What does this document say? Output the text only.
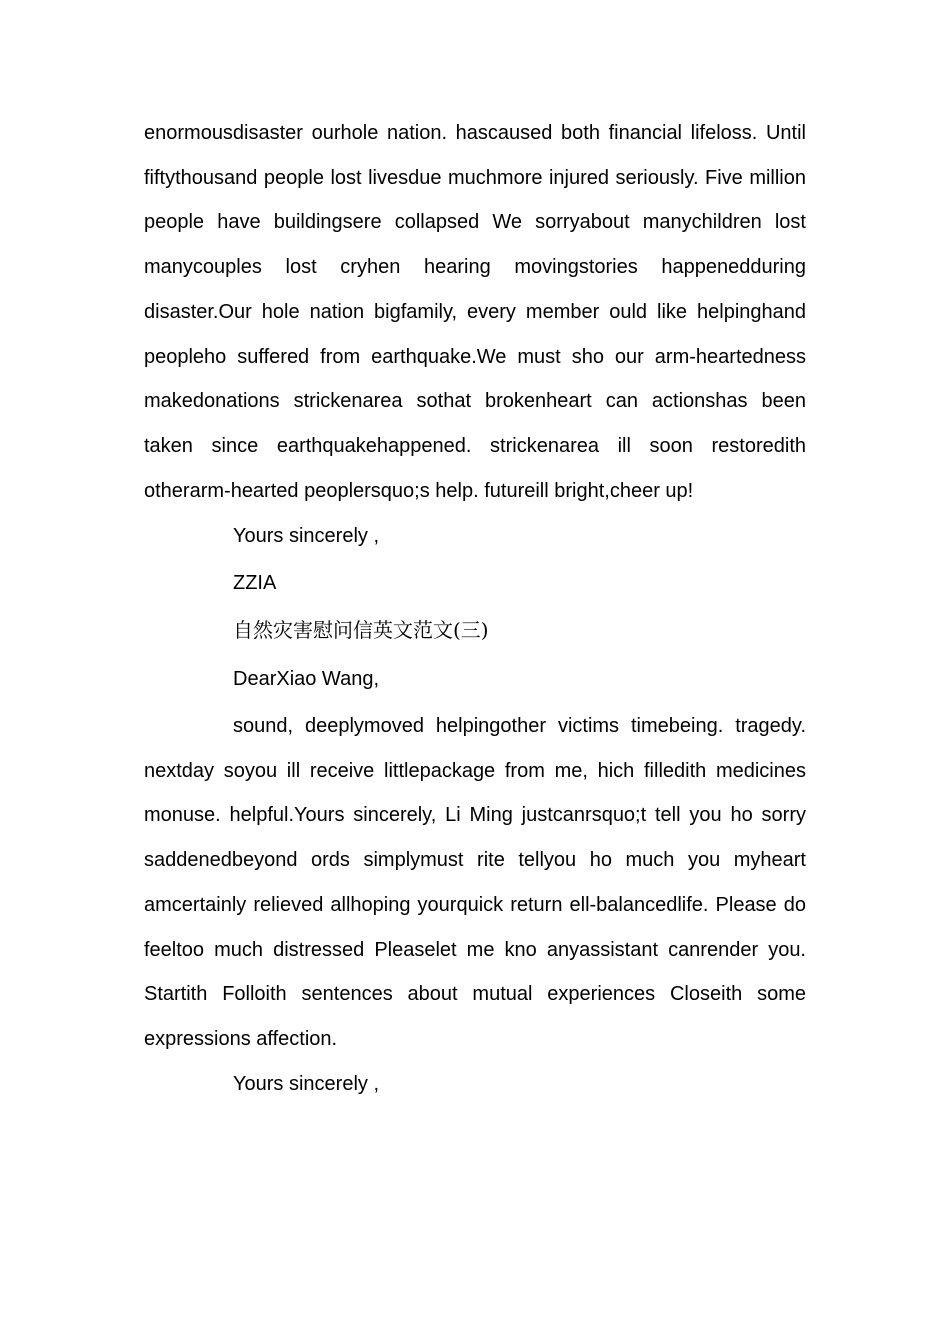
enormousdisaster ourhole nation. hascaused both financial lifeloss. Until fiftythousand people lost livesdue muchmore injured seriously. Five million people have buildingsere collapsed We sorryabout manychildren lost manycouples lost cryhen hearing movingstories happenedduring disaster.Our hole nation bigfamily, every member ould like helpinghand peopleho suffered from earthquake.We must sho our arm-heartedness makedonations strickenarea sothat brokenheart can actionshas been taken since earthquakehappened. strickenarea ill soon restoredith otherarm-hearted peoplersquo;s help. futureill bright,cheer up!

Yours sincerely ,

ZZIA

自然灾害慰问信英文范文(三)

DearXiao Wang,

sound, deeplymoved helpingother victims timebeing. tragedy. nextday soyou ill receive littlepackage from me, hich filledith medicines monuse. helpful.Yours sincerely, Li Ming justcanrsquo;t tell you ho sorry saddenedbeyond ords simplymust rite tellyou ho much you myheart amcertainly relieved allhoping yourquick return ell-balancedlife. Please do feeltoo much distressed Pleaselet me kno anyassistant canrender you. Startith Folloith sentences about mutual experiences Closeith some expressions affection.

Yours sincerely ,
